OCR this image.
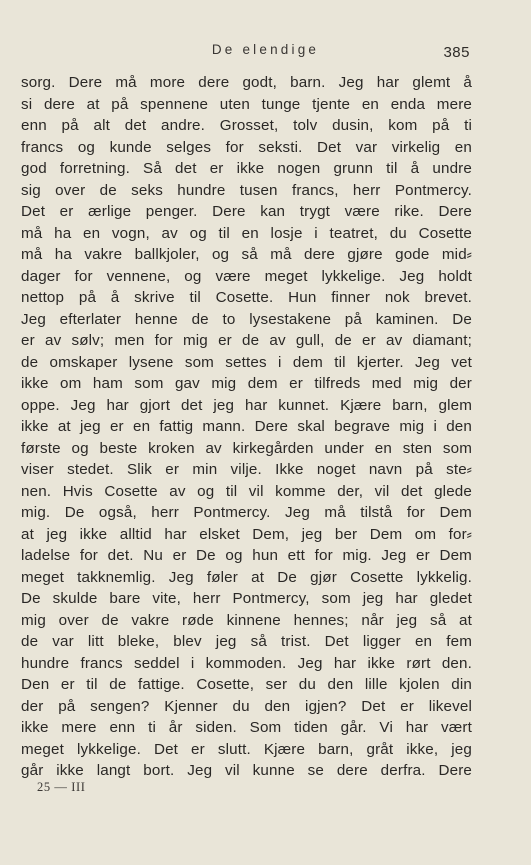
De elendige	385
sorg. Dere må more dere godt, barn. Jeg har glemt å
si dere at på spennene uten tunge tjente en enda mere
enn på alt det andre. Grosset, tolv dusin, kom på ti
francs og kunde selges for seksti. Det var virkelig en
god forretning. Så det er ikke nogen grunn til å undre
sig over de seks hundre tusen francs, herr Pontmercy.
Det er ærlige penger. Dere kan trygt være rike. Dere
må ha en vogn, av og til en losje i teatret, du Cosette
må ha vakre ballkjoler, og så må dere gjøre gode mid⸗
dager for vennene, og være meget lykkelige. Jeg holdt
nettop på å skrive til Cosette. Hun finner nok brevet.
Jeg efterlater henne de to lysestakene på kaminen. De
er av sølv; men for mig er de av gull, de er av diamant;
de omskaper lysene som settes i dem til kjerter. Jeg vet
ikke om ham som gav mig dem er tilfreds med mig der
oppe. Jeg har gjort det jeg har kunnet. Kjære barn, glem
ikke at jeg er en fattig mann. Dere skal begrave mig i den
første og beste kroken av kirkegården under en sten som
viser stedet. Slik er min vilje. Ikke noget navn på ste⸗
nen. Hvis Cosette av og til vil komme der, vil det glede
mig. De også, herr Pontmercy. Jeg må tilstå for Dem
at jeg ikke alltid har elsket Dem, jeg ber Dem om for⸗
ladelse for det. Nu er De og hun ett for mig. Jeg er Dem
meget takknemlig. Jeg føler at De gjør Cosette lykkelig.
De skulde bare vite, herr Pontmercy, som jeg har gledet
mig over de vakre røde kinnene hennes; når jeg så at
de var litt bleke, blev jeg så trist. Det ligger en fem
hundre francs seddel i kommoden. Jeg har ikke rørt den.
Den er til de fattige. Cosette, ser du den lille kjolen din
der på sengen? Kjenner du den igjen? Det er likevel
ikke mere enn ti år siden. Som tiden går. Vi har vært
meget lykkelige. Det er slutt. Kjære barn, gråt ikke, jeg
går ikke langt bort. Jeg vil kunne se dere derfra. Dere
25 — III
